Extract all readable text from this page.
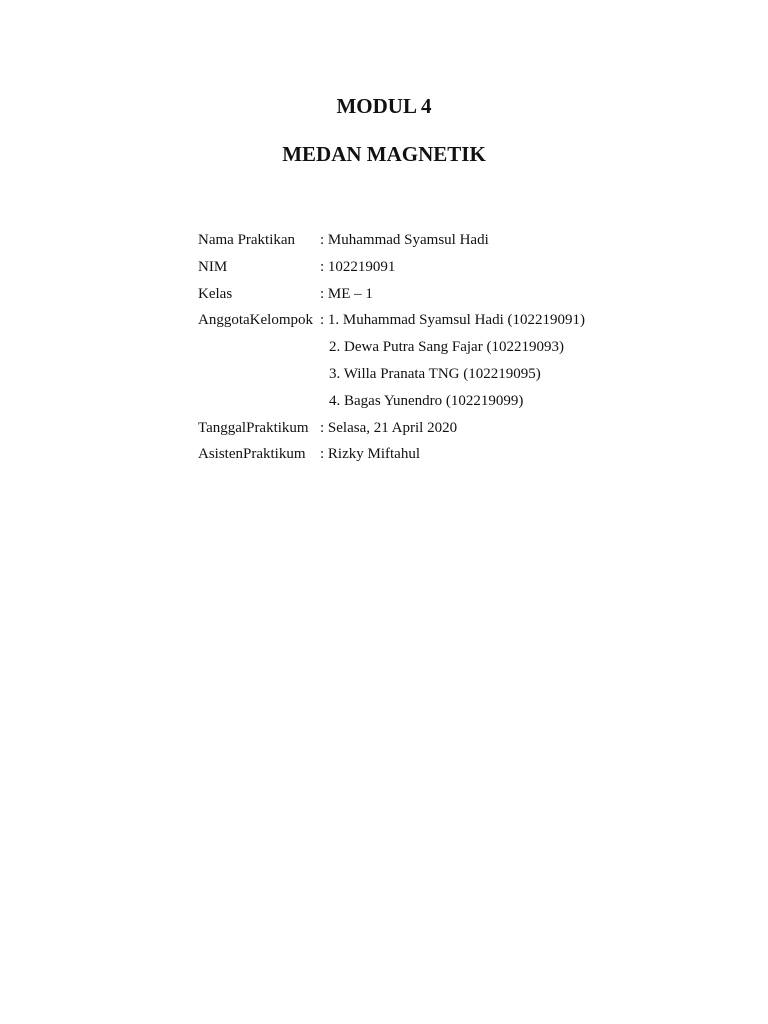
MODUL 4
MEDAN MAGNETIK
Nama Praktikan	: Muhammad Syamsul Hadi
NIM	: 102219091
Kelas	: ME – 1
AnggotaKelompok : 1. Muhammad Syamsul Hadi (102219091)
2. Dewa Putra Sang Fajar (102219093)
3. Willa Pranata TNG (102219095)
4. Bagas Yunendro (102219099)
TanggalPraktikum : Selasa, 21 April 2020
AsistenPraktikum : Rizky Miftahul
